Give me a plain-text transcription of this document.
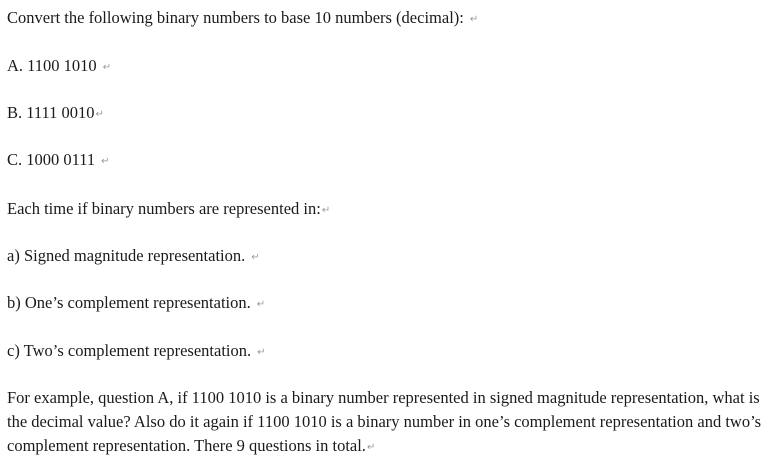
Convert the following binary numbers to base 10 numbers (decimal):↵

A. 1100 1010↵

B. 1111 0010↵

C. 1000 0111↵

Each time if binary numbers are represented in:↵

a) Signed magnitude representation.↵

b) One’s complement representation.↵

c) Two’s complement representation.↵

For example, question A, if 1100 1010 is a binary number represented in signed magnitude representation, what is the decimal value? Also do it again if 1100 1010 is a binary number in one’s complement representation and two’s complement representation. There 9 questions in total.↵
